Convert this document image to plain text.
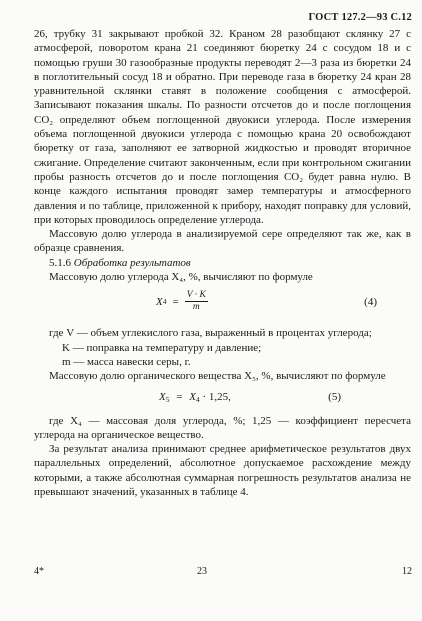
ГОСТ 127.2—93 С.12

26, трубку 31 закрывают пробкой 32. Краном 28 разобщают склянку 27 с атмосферой, поворотом крана 21 соединяют бюретку 24 с сосудом 18 и с помощью груши 30 газообразные продукты переводят 2—3 раза из бюретки 24 в поглотительный сосуд 18 и обратно. При переводе газа в бюретку 24 кран 28 уравнительной склянки ставят в положение сообщения с атмосферой. Записывают показания шкалы. По разности отсчетов до и после поглощения СО₂ определяют объем поглощенной двуокиси углерода. После измерения объема поглощенной двуокиси углерода с помощью крана 20 освобождают бюретку от газа, заполняют ее затворной жидкостью и проводят вторичное сжигание. Определение считают законченным, если при контрольном сжигании пробы разность отсчетов до и после поглощения СО₂ будет равна нулю. В конце каждого испытания проводят замер температуры и атмосферного давления и по таблице, приложенной к прибору, находят поправку для условий, при которых проводилось определение углерода.

Массовую долю углерода в анализируемой сере определяют так же, как в образце сравнения.

5.1.6 Обработка результатов

Массовую долю углерода X₄, %, вычисляют по формуле

X $4 = \frac{V \cdot K}{m}$	(4)

где V — объем углекислого газа, выраженный в процентах углерода;

K — поправка на температуру и давление;

m — масса навески серы, г.

Массовую долю органического вещества X₅, %, вычисляют по формуле

$X_5 = X_4 \cdot 1,25$,	(5)

где X₄ — массовая доля углерода, %; 1,25 — коэффициент пересчета углерода на органическое вещество.

За результат анализа принимают среднее арифметическое результатов двух параллельных определений, абсолютное допускаемое расхождение между которыми, а также абсолютная суммарная погрешность результатов анализа не превышают значений, указанных в таблице 4.

4*	23	12
